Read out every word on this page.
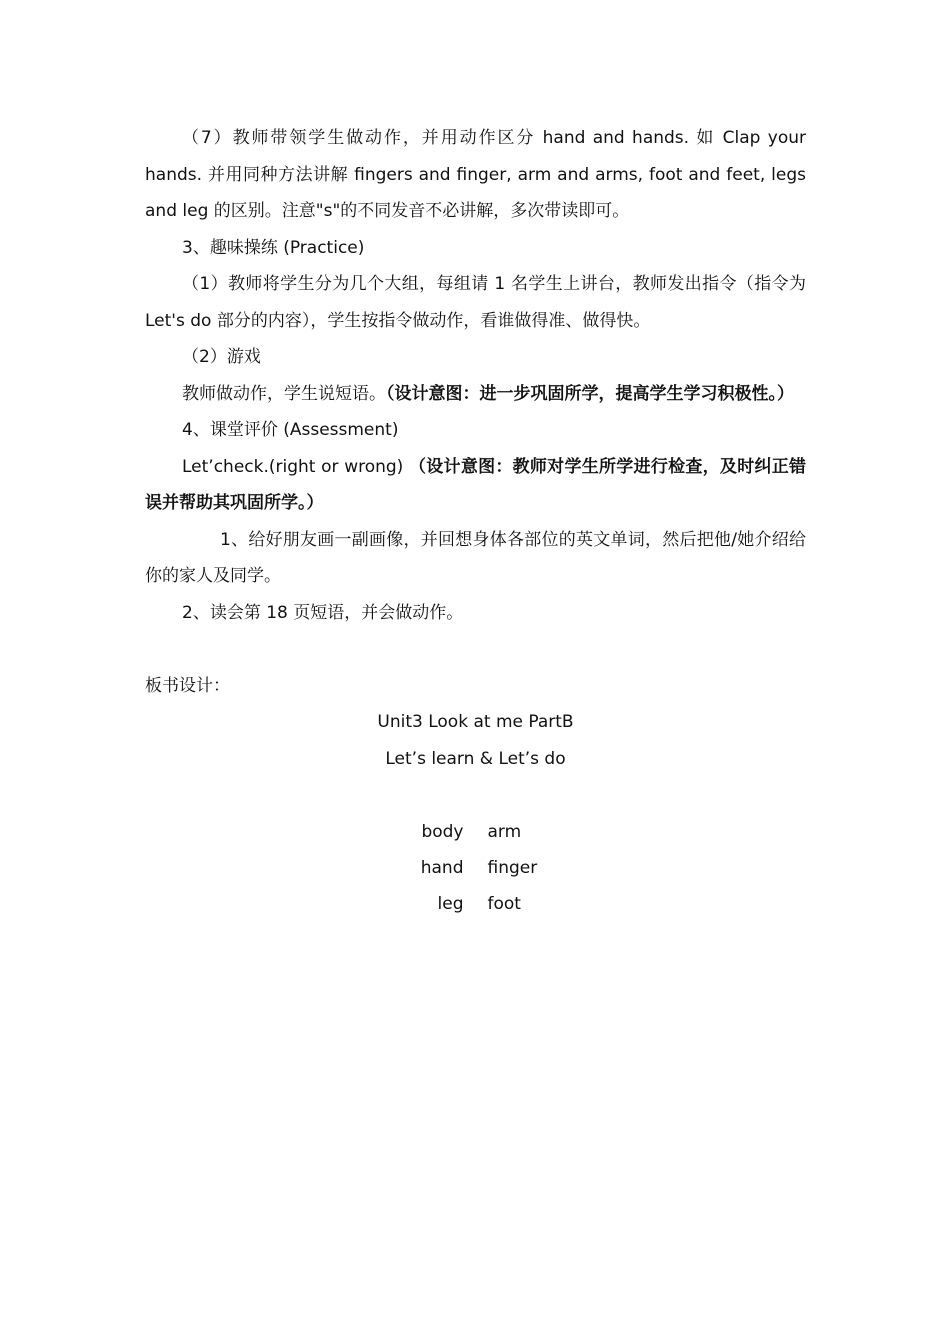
（7）教师带领学生做动作，并用动作区分 hand and hands. 如 Clap your hands. 并用同种方法讲解 fingers and finger, arm and arms, foot and feet, legs and leg 的区别。注意"s"的不同发音不必讲解，多次带读即可。

3、趣味操练 (Practice)

（1）教师将学生分为几个大组，每组请 1 名学生上讲台，教师发出指令（指令为 Let's do 部分的内容），学生按指令做动作，看谁做得准、做得快。

（2）游戏

教师做动作，学生说短语。（设计意图：进一步巩固所学，提高学生学习积极性。）

4、课堂评价 (Assessment)

Let’check.(right or wrong) （设计意图：教师对学生所学进行检查，及时纠正错误并帮助其巩固所学。）

1、给好朋友画一副画像，并回想身体各部位的英文单词，然后把他/她介绍给你的家人及同学。

2、读会第 18 页短语，并会做动作。

板书设计：

Unit3 Look at me PartB

Let’s learn & Let’s do

body	arm
hand	finger
leg	foot
